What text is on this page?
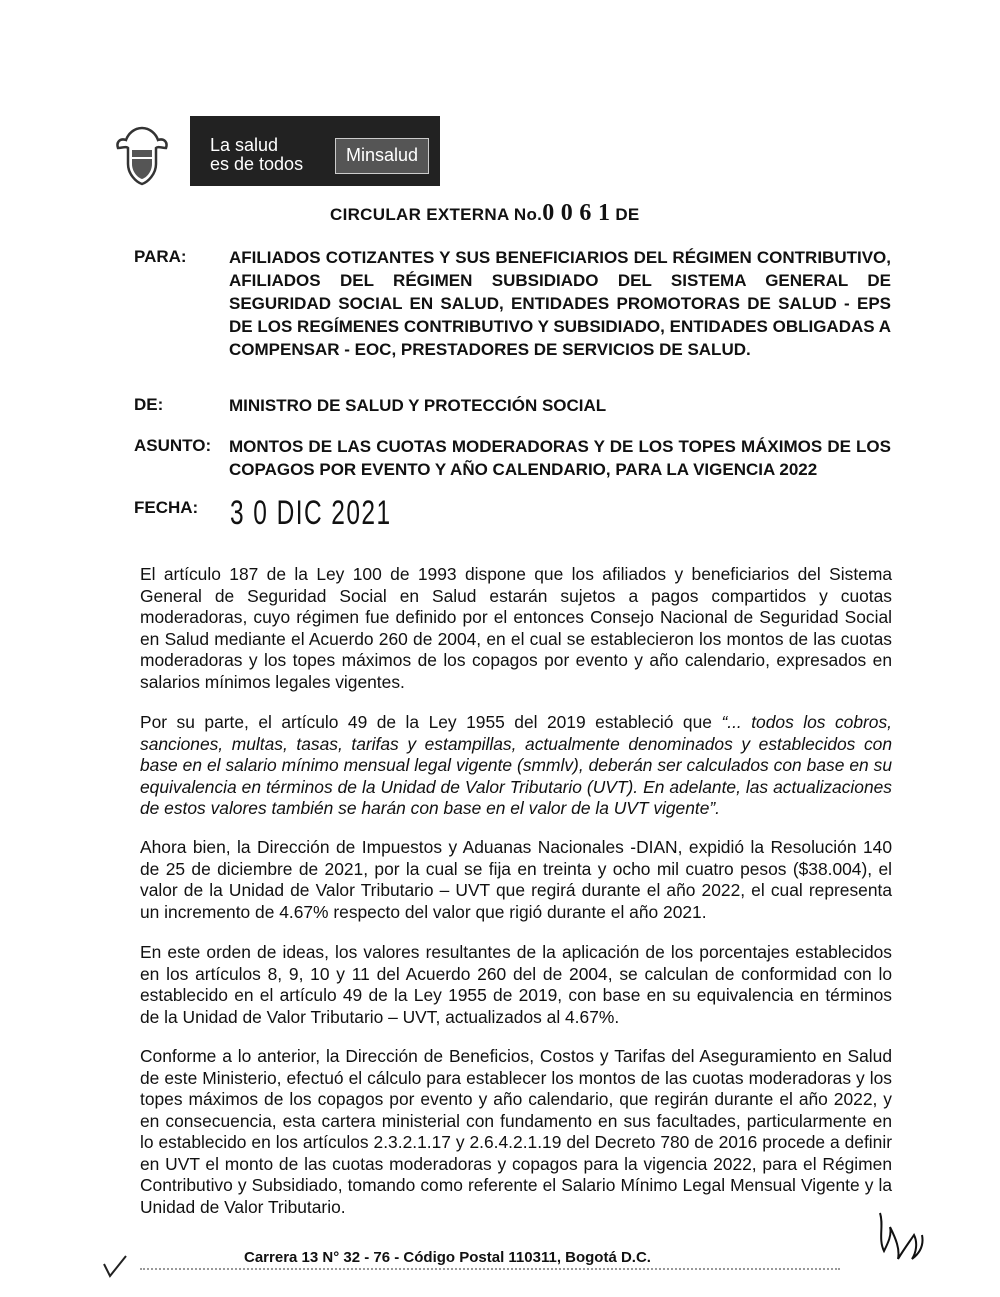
La salud
es de todos	Minsalud
CIRCULAR EXTERNA No.0 0 6 1 DE
PARA: AFILIADOS COTIZANTES Y SUS BENEFICIARIOS DEL RÉGIMEN CONTRIBUTIVO, AFILIADOS DEL RÉGIMEN SUBSIDIADO DEL SISTEMA GENERAL DE SEGURIDAD SOCIAL EN SALUD, ENTIDADES PROMOTORAS DE SALUD - EPS DE LOS REGÍMENES CONTRIBUTIVO Y SUBSIDIADO, ENTIDADES OBLIGADAS A COMPENSAR - EOC, PRESTADORES DE SERVICIOS DE SALUD.
DE:	MINISTRO DE SALUD Y PROTECCIÓN SOCIAL
ASUNTO: MONTOS DE LAS CUOTAS MODERADORAS Y DE LOS TOPES MÁXIMOS DE LOS COPAGOS POR EVENTO Y AÑO CALENDARIO, PARA LA VIGENCIA 2022
FECHA: 3 0 DIC 2021
El artículo 187 de la Ley 100 de 1993 dispone que los afiliados y beneficiarios del Sistema General de Seguridad Social en Salud estarán sujetos a pagos compartidos y cuotas moderadoras, cuyo régimen fue definido por el entonces Consejo Nacional de Seguridad Social en Salud mediante el Acuerdo 260 de 2004, en el cual se establecieron los montos de las cuotas moderadoras y los topes máximos de los copagos por evento y año calendario, expresados en salarios mínimos legales vigentes.
Por su parte, el artículo 49 de la Ley 1955 del 2019 estableció que “... todos los cobros, sanciones, multas, tasas, tarifas y estampillas, actualmente denominados y establecidos con base en el salario mínimo mensual legal vigente (smmlv), deberán ser calculados con base en su equivalencia en términos de la Unidad de Valor Tributario (UVT). En adelante, las actualizaciones de estos valores también se harán con base en el valor de la UVT vigente”.
Ahora bien, la Dirección de Impuestos y Aduanas Nacionales -DIAN, expidió la Resolución 140 de 25 de diciembre de 2021, por la cual se fija en treinta y ocho mil cuatro pesos ($38.004), el valor de la Unidad de Valor Tributario – UVT que regirá durante el año 2022, el cual representa un incremento de 4.67% respecto del valor que rigió durante el año 2021.
En este orden de ideas, los valores resultantes de la aplicación de los porcentajes establecidos en los artículos 8, 9, 10 y 11 del Acuerdo 260 del de 2004, se calculan de conformidad con lo establecido en el artículo 49 de la Ley 1955 de 2019, con base en su equivalencia en términos de la Unidad de Valor Tributario – UVT, actualizados al 4.67%.
Conforme a lo anterior, la Dirección de Beneficios, Costos y Tarifas del Aseguramiento en Salud de este Ministerio, efectuó el cálculo para establecer los montos de las cuotas moderadoras y los topes máximos de los copagos por evento y año calendario, que regirán durante el año 2022, y en consecuencia, esta cartera ministerial con fundamento en sus facultades, particularmente en lo establecido en los artículos 2.3.2.1.17 y 2.6.4.2.1.19 del Decreto 780 de 2016 procede a definir en UVT el monto de las cuotas moderadoras y copagos para la vigencia 2022, para el Régimen Contributivo y Subsidiado, tomando como referente el Salario Mínimo Legal Mensual Vigente y la Unidad de Valor Tributario.
Carrera 13 N° 32 - 76 - Código Postal 110311, Bogotá D.C.
